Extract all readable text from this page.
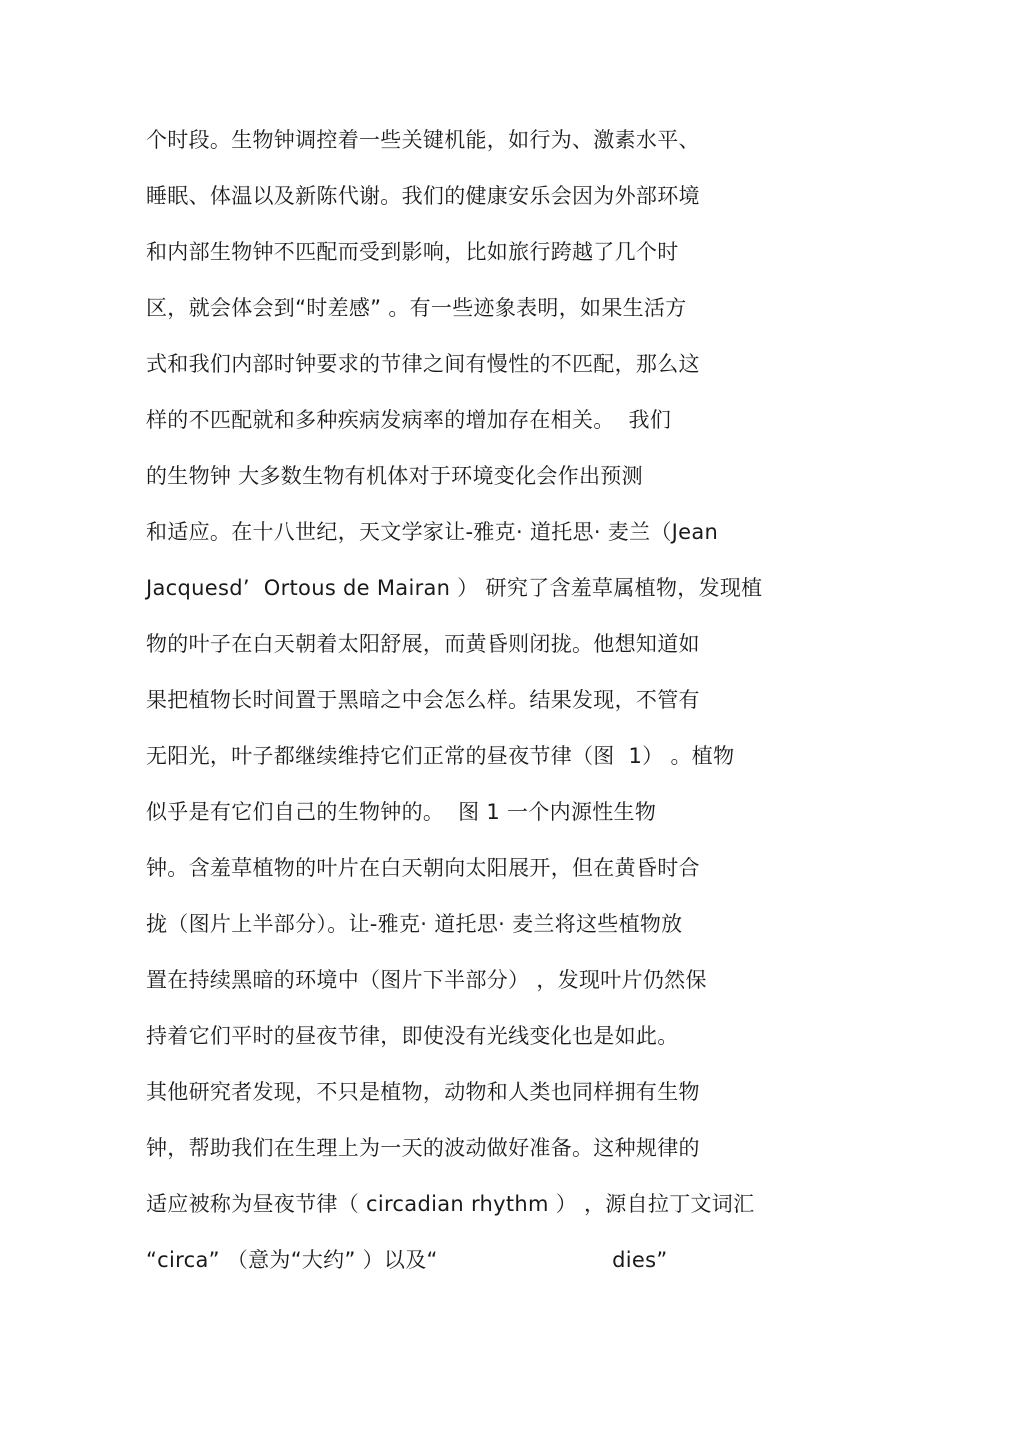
个时段。生物钟调控着一些关键机能，如行为、激素水平、
睡眠、体温以及新陈代谢。我们的健康安乐会因为外部环境
和内部生物钟不匹配而受到影响，比如旅行跨越了几个时
区，就会体会到“时差感” 。有一些迹象表明，如果生活方
式和我们内部时钟要求的节律之间有慢性的不匹配，那么这
样的不匹配就和多种疾病发病率的增加存在相关。  我们
的生物钟 大多数生物有机体对于环境变化会作出预测
和适应。在十八世纪，天文学家让-雅克· 道托思· 麦兰（Jean
Jacquesd’  Ortous de Mairan ） 研究了含羞草属植物，发现植
物的叶子在白天朝着太阳舒展，而黄昏则闭拢。他想知道如
果把植物长时间置于黑暗之中会怎么样。结果发现，不管有
无阳光，叶子都继续维持它们正常的昼夜节律（图  1） 。植物
似乎是有它们自己的生物钟的。  图 1 一个内源性生物
钟。含羞草植物的叶片在白天朝向太阳展开，但在黄昏时合
拢（图片上半部分）。让-雅克· 道托思· 麦兰将这些植物放
置在持续黑暗的环境中（图片下半部分） ，发现叶片仍然保
持着它们平时的昼夜节律，即使没有光线变化也是如此。
其他研究者发现，不只是植物，动物和人类也同样拥有生物
钟，帮助我们在生理上为一天的波动做好准备。这种规律的
适应被称为昼夜节律（ circadian rhythm ） ，源自拉丁文词汇
“circa” （意为“大约” ）以及“                         dies”
